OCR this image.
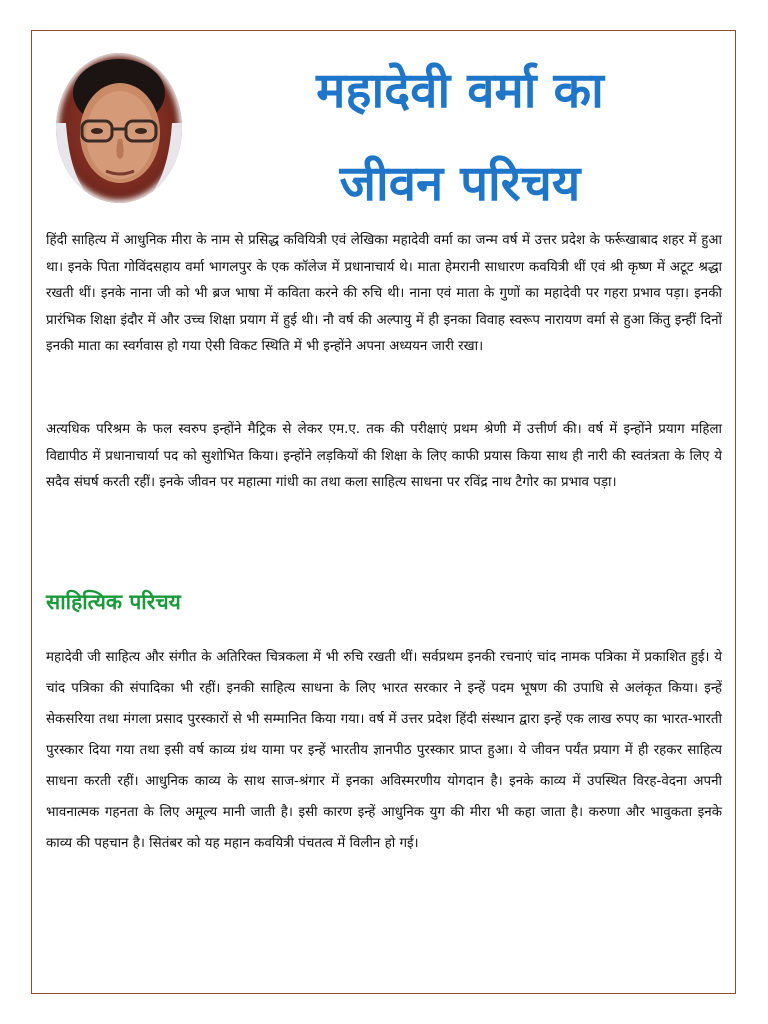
महादेवी वर्मा का
जीवन परिचय

हिंदी साहित्य में आधुनिक मीरा के नाम से प्रसिद्ध कवियित्री एवं लेखिका महादेवी वर्मा का जन्म वर्ष में उत्तर प्रदेश के फर्रूखाबाद शहर में हुआ था। इनके पिता गोविंदसहाय वर्मा भागलपुर के एक कॉलेज में प्रधानाचार्य थे। माता हेमरानी साधारण कवयित्री थीं एवं श्री कृष्ण में अटूट श्रद्धा रखती थीं। इनके नाना जी को भी ब्रज भाषा में कविता करने की रुचि थी। नाना एवं माता के गुणों का महादेवी पर गहरा प्रभाव पड़ा। इनकी प्रारंभिक शिक्षा इंदौर में और उच्च शिक्षा प्रयाग में हुई थी। नौ वर्ष की अल्पायु में ही इनका विवाह स्वरूप नारायण वर्मा से हुआ किंतु इन्हीं दिनों इनकी माता का स्वर्गवास हो गया ऐसी विकट स्थिति में भी इन्होंने अपना अध्ययन जारी रखा।

अत्यधिक परिश्रम के फल स्वरुप इन्होंने मैट्रिक से लेकर एम.ए. तक की परीक्षाएं प्रथम श्रेणी में उत्तीर्ण की। वर्ष में इन्होंने प्रयाग महिला विद्यापीठ में प्रधानाचार्या पद को सुशोभित किया। इन्होंने लड़कियों की शिक्षा के लिए काफी प्रयास किया साथ ही नारी की स्वतंत्रता के लिए ये सदैव संघर्ष करती रहीं। इनके जीवन पर महात्मा गांधी का तथा कला साहित्य साधना पर रविंद्र नाथ टैगोर का प्रभाव पड़ा।

साहित्यिक परिचय

महादेवी जी साहित्य और संगीत के अतिरिक्त चित्रकला में भी रुचि रखती थीं। सर्वप्रथम इनकी रचनाएं चांद नामक पत्रिका में प्रकाशित हुई। ये चांद पत्रिका की संपादिका भी रहीं। इनकी साहित्य साधना के लिए भारत सरकार ने इन्हें पदम भूषण की उपाधि से अलंकृत किया। इन्हें सेकसरिया तथा मंगला प्रसाद पुरस्कारों से भी सम्मानित किया गया। वर्ष में उत्तर प्रदेश हिंदी संस्थान द्वारा इन्हें एक लाख रुपए का भारत-भारती पुरस्कार दिया गया तथा इसी वर्ष काव्य ग्रंथ यामा पर इन्हें भारतीय ज्ञानपीठ पुरस्कार प्राप्त हुआ। ये जीवन पर्यंत प्रयाग में ही रहकर साहित्य साधना करती रहीं। आधुनिक काव्य के साथ साज-श्रंगार में इनका अविस्मरणीय योगदान है। इनके काव्य में उपस्थित विरह-वेदना अपनी भावनात्मक गहनता के लिए अमूल्य मानी जाती है। इसी कारण इन्हें आधुनिक युग की मीरा भी कहा जाता है। करुणा और भावुकता इनके काव्य की पहचान है। सितंबर को यह महान कवयित्री पंचतत्व में विलीन हो गई।
